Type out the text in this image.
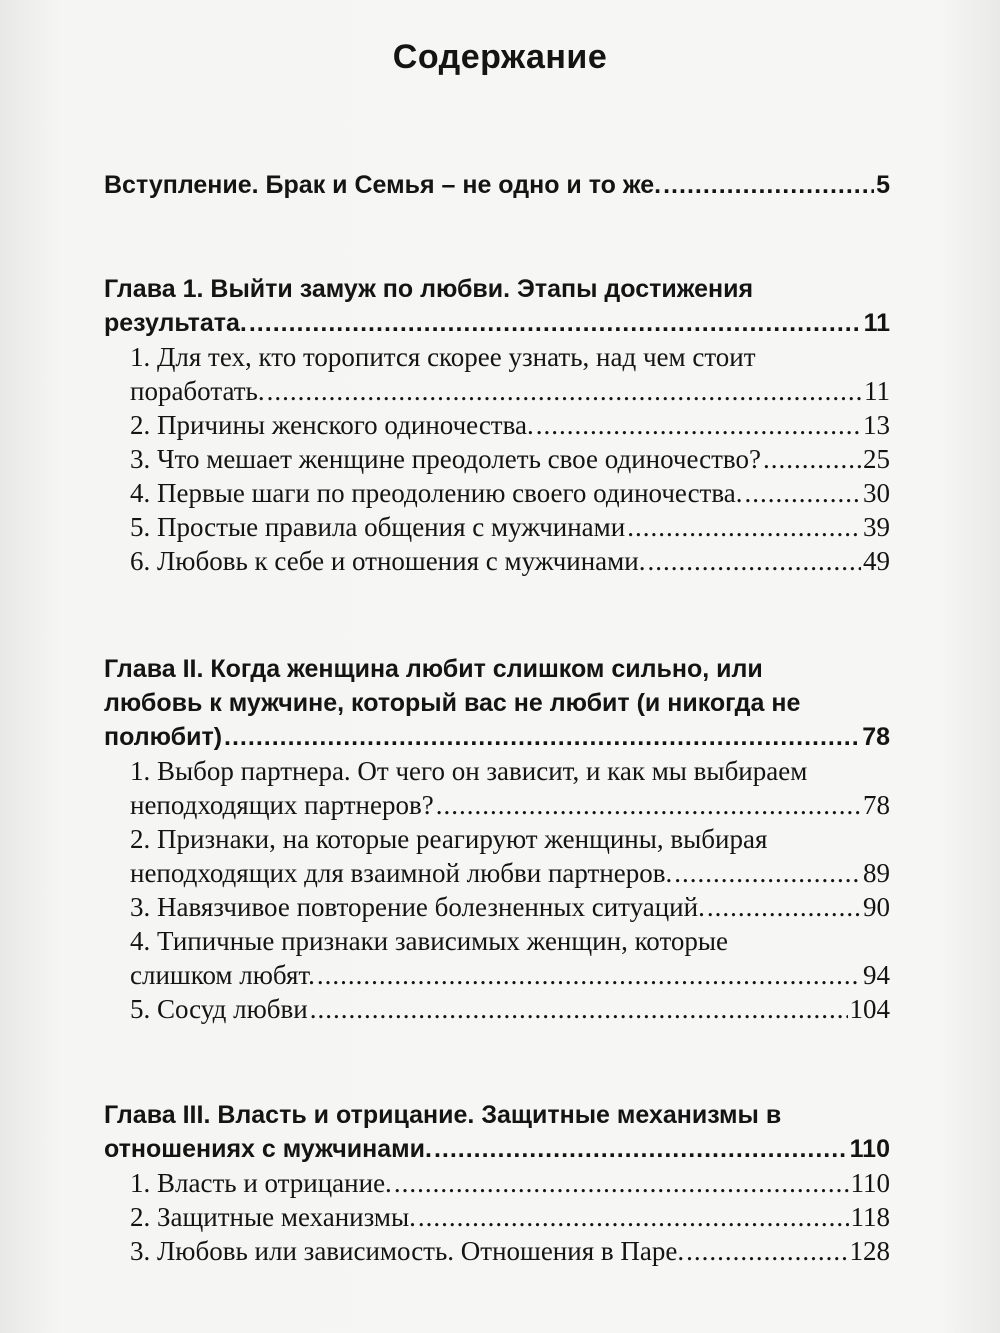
Содержание
Вступление. Брак и Семья – не одно и то же. .....	5
Глава 1. Выйти замуж по любви. Этапы достижения
результата. .....	11
1. Для тех, кто торопится скорее узнать, над чем стоит
поработать. .....	11
2. Причины женского одиночества. .....	13
3. Что мешает женщине преодолеть свое одиночество? .....	25
4. Первые шаги по преодолению своего одиночества. .....	30
5. Простые правила общения с мужчинами .....	39
6. Любовь к себе и отношения с мужчинами. .....	49
Глава II. Когда женщина любит слишком сильно, или
любовь к мужчине, который вас не любит (и никогда не
полюбит) .....	78
1. Выбор партнера. От чего он зависит, и как мы выбираем
неподходящих партнеров? .....	78
2. Признаки, на которые реагируют женщины, выбирая
неподходящих для взаимной любви партнеров. .....	89
3. Навязчивое повторение болезненных ситуаций. .....	90
4. Типичные признаки зависимых женщин, которые
слишком любят. .....	94
5. Сосуд любви .....	104
Глава III. Власть и отрицание. Защитные механизмы в
отношениях с мужчинами. .....	110
1. Власть и отрицание. .....	110
2. Защитные механизмы. .....	118
3. Любовь или зависимость. Отношения в Паре. .....	128
